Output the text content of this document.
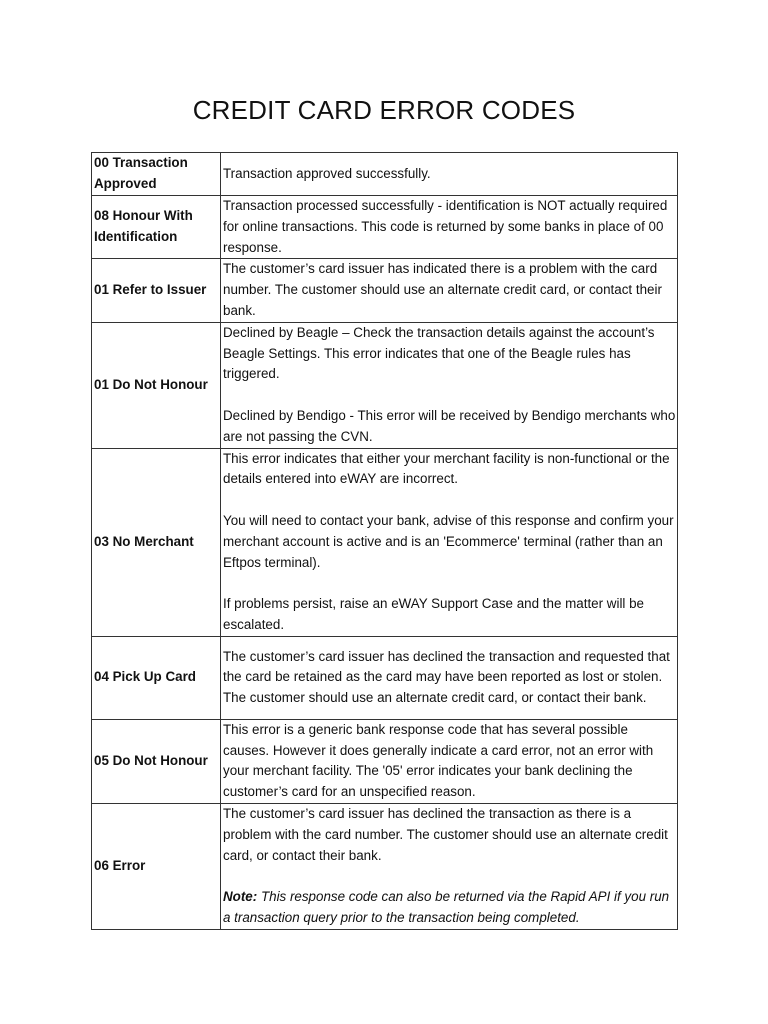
CREDIT CARD ERROR CODES
00 Transaction Approved	Transaction approved successfully.

08 Honour With Identification	Transaction processed successfully - identification is NOT actually required for online transactions. This code is returned by some banks in place of 00 response.

01 Refer to Issuer	The customer’s card issuer has indicated there is a problem with the card number. The customer should use an alternate credit card, or contact their bank.

01 Do Not Honour	Declined by Beagle – Check the transaction details against the account’s Beagle Settings. This error indicates that one of the Beagle rules has triggered.

Declined by Bendigo - This error will be received by Bendigo merchants who are not passing the CVN.

03 No Merchant	This error indicates that either your merchant facility is non-functional or the details entered into eWAY are incorrect.

You will need to contact your bank, advise of this response and confirm your merchant account is active and is an 'Ecommerce' terminal (rather than an Eftpos terminal).

If problems persist, raise an eWAY Support Case and the matter will be escalated.

04 Pick Up Card	The customer’s card issuer has declined the transaction and requested that the card be retained as the card may have been reported as lost or stolen. The customer should use an alternate credit card, or contact their bank.

05 Do Not Honour	This error is a generic bank response code that has several possible causes. However it does generally indicate a card error, not an error with your merchant facility. The '05' error indicates your bank declining the customer’s card for an unspecified reason.

06 Error	The customer’s card issuer has declined the transaction as there is a problem with the card number. The customer should use an alternate credit card, or contact their bank.

Note: This response code can also be returned via the Rapid API if you run a transaction query prior to the transaction being completed.
